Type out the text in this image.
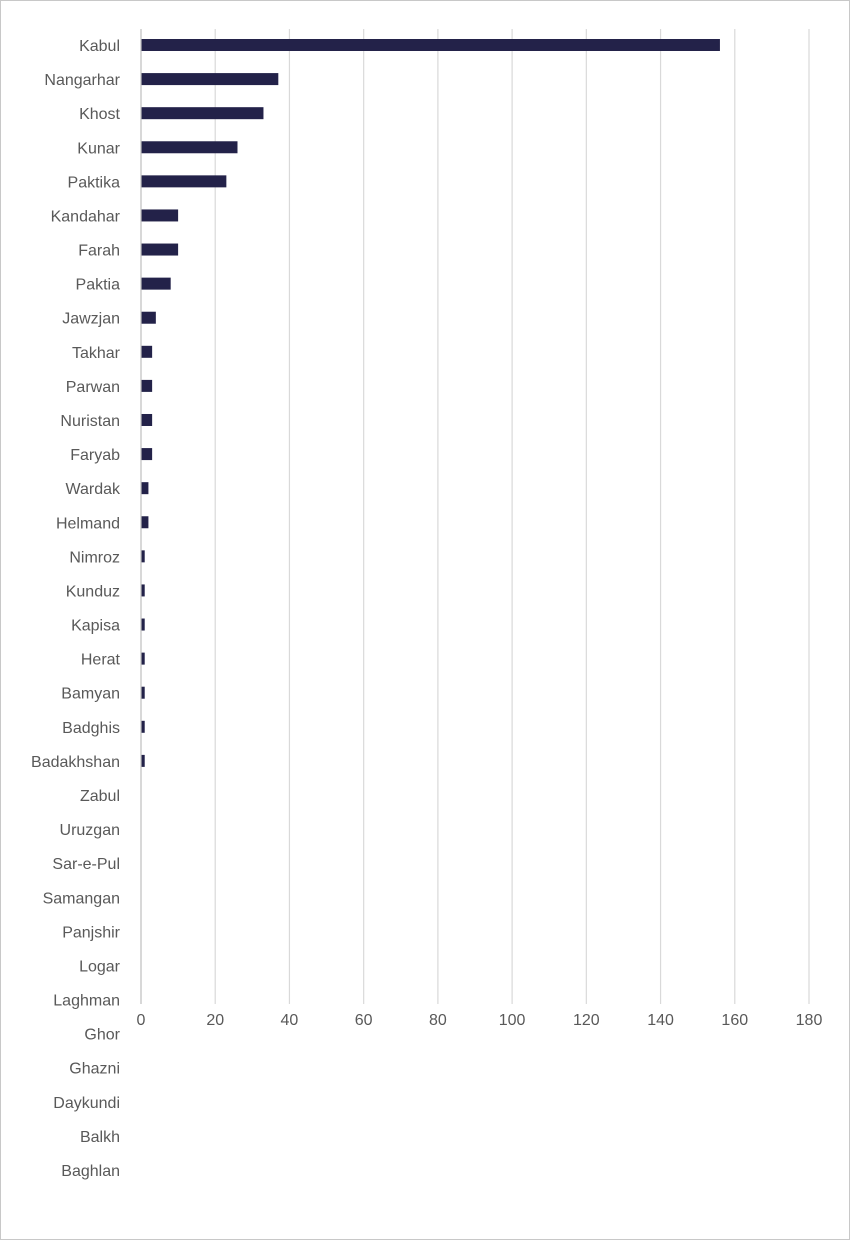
Kabul
Nangarhar
Khost
Kunar
Paktika
Kandahar
Farah
Paktia
Jawzjan
Takhar
Parwan
Nuristan
Faryab
Wardak
Helmand
Nimroz
Kunduz
Kapisa
Herat
Bamyan
Badghis
Badakhshan
Zabul
Uruzgan
Sar-e-Pul
Samangan
Panjshir
Logar
Laghman
Ghor
Ghazni
Daykundi
Balkh
Baghlan
0	20	40	60	80	100	120	140	160	180
